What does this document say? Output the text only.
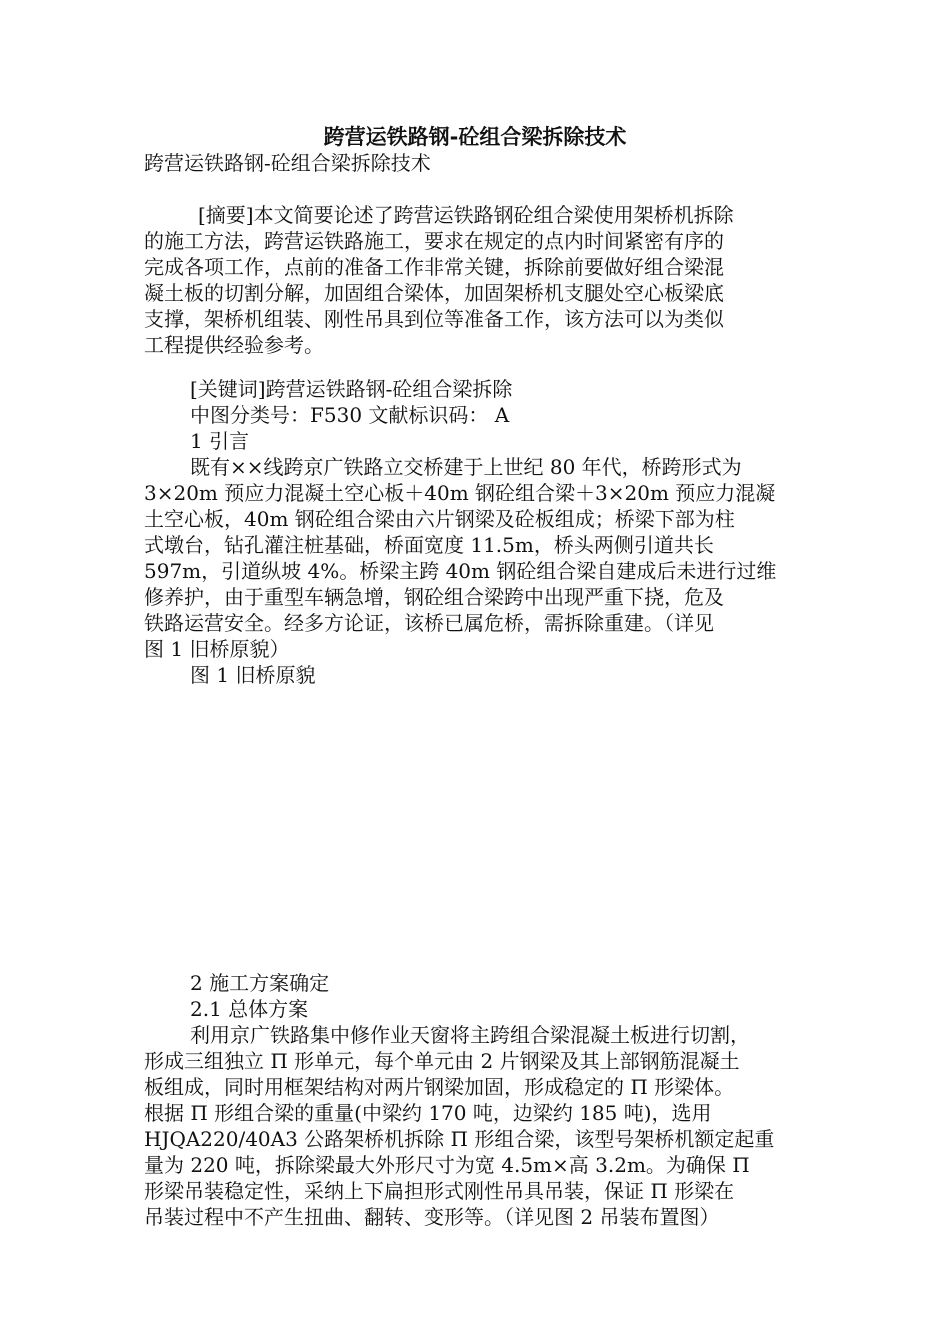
跨营运铁路钢-砼组合梁拆除技术
跨营运铁路钢-砼组合梁拆除技术
[摘要]本文简要论述了跨营运铁路钢砼组合梁使用架桥机拆除
的施工方法，跨营运铁路施工，要求在规定的点内时间紧密有序的
完成各项工作，点前的准备工作非常关键，拆除前要做好组合梁混
凝土板的切割分解，加固组合梁体，加固架桥机支腿处空心板梁底
支撑，架桥机组装、刚性吊具到位等准备工作，该方法可以为类似
工程提供经验参考。
[关键词]跨营运铁路钢-砼组合梁拆除
中图分类号：F530 文献标识码： A
1 引言
既有××线跨京广铁路立交桥建于上世纪 80 年代，桥跨形式为
3×20m 预应力混凝土空心板＋40m 钢砼组合梁＋3×20m 预应力混凝
土空心板，40m 钢砼组合梁由六片钢梁及砼板组成；桥梁下部为柱
式墩台，钻孔灌注桩基础，桥面宽度 11.5m，桥头两侧引道共长
597m，引道纵坡 4%。桥梁主跨 40m 钢砼组合梁自建成后未进行过维
修养护，由于重型车辆急增，钢砼组合梁跨中出现严重下挠，危及
铁路运营安全。经多方论证，该桥已属危桥，需拆除重建。（详见
图 1 旧桥原貌）
图 1 旧桥原貌
2 施工方案确定
2.1 总体方案
利用京广铁路集中修作业天窗将主跨组合梁混凝土板进行切割，
形成三组独立 Π 形单元，每个单元由 2 片钢梁及其上部钢筋混凝土
板组成，同时用框架结构对两片钢梁加固，形成稳定的 Π 形梁体。
根据 Π 形组合梁的重量(中梁约 170 吨，边梁约 185 吨)，选用
HJQA220/40A3 公路架桥机拆除 Π 形组合梁，该型号架桥机额定起重
量为 220 吨，拆除梁最大外形尺寸为宽 4.5m×高 3.2m。为确保 Π
形梁吊装稳定性，采纳上下扁担形式刚性吊具吊装，保证 Π 形梁在
吊装过程中不产生扭曲、翻转、变形等。（详见图 2 吊装布置图）
